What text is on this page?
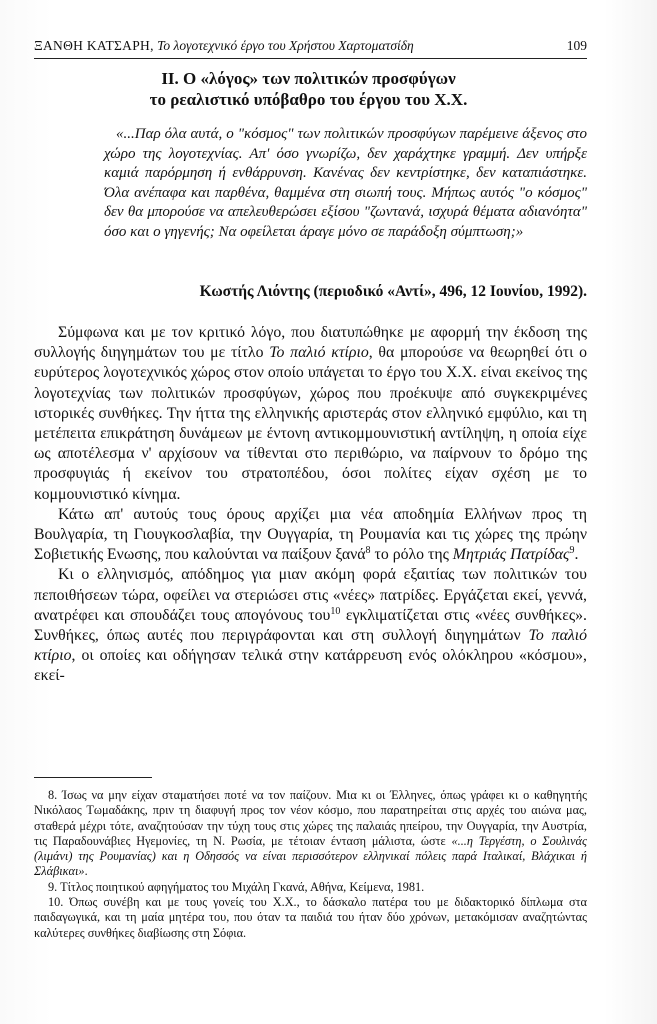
ΞΑΝΘΗ ΚΑΤΣΑΡΗ, Το λογοτεχνικό έργο του Χρήστου Χαρτοματσίδη	109
II. Ο «λόγος» των πολιτικών προσφύγων
το ρεαλιστικό υπόβαθρο του έργου του Χ.Χ.
«...Παρ όλα αυτά, ο "κόσμος" των πολιτικών προσφύγων παρέμεινε άξενος στο χώρο της λογοτεχνίας. Απ' όσο γνωρίζω, δεν χαράχτηκε γραμμή. Δεν υπήρξε καμιά παρόρμηση ή ενθάρρυνση. Κανένας δεν κεντρίστηκε, δεν καταπιάστηκε. Όλα ανέπαφα και παρθένα, θαμμένα στη σιωπή τους. Μήπως αυτός "ο κόσμος" δεν θα μπορούσε να απελευθερώσει εξίσου "ζωντανά, ισχυρά θέματα αδιανόητα" όσο και ο γηγενής; Να οφείλεται άραγε μόνο σε παράδοξη σύμπτωση;»
Κωστής Λιόντης (περιοδικό «Αντί», 496, 12 Ιουνίου, 1992).

Σύμφωνα και με τον κριτικό λόγο, που διατυπώθηκε με αφορμή την έκδοση της συλλογής διηγημάτων του με τίτλο Το παλιό κτίριο, θα μπορούσε να θεωρηθεί ότι ο ευρύτερος λογοτεχνικός χώρος στον οποίο υπάγεται το έργο του Χ.Χ. είναι εκείνος της λογοτεχνίας των πολιτικών προσφύγων, χώρος που προέκυψε από συγκεκριμένες ιστορικές συνθήκες. Την ήττα της ελληνικής αριστεράς στον ελληνικό εμφύλιο, και τη μετέπειτα επικράτηση δυνάμεων με έντονη αντικομμουνιστική αντίληψη, η οποία είχε ως αποτέλεσμα ν' αρχίσουν να τίθενται στο περιθώριο, να παίρνουν το δρόμο της προσφυγιάς ή εκείνον του στρατοπέδου, όσοι πολίτες είχαν σχέση με το κομμουνιστικό κίνημα.

Κάτω απ' αυτούς τους όρους αρχίζει μια νέα αποδημία Ελλήνων προς τη Βουλγαρία, τη Γιουγκοσλαβία, την Ουγγαρία, τη Ρουμανία και τις χώρες της πρώην Σοβιετικής Ενωσης, που καλούνται να παίξουν ξανά$^8$ το ρόλο της Μητριάς Πατρίδας$^9$.

Κι ο ελληνισμός, απόδημος για μιαν ακόμη φορά εξαιτίας των πολιτικών του πεποιθήσεων τώρα, οφείλει να στεριώσει στις «νέες» πατρίδες. Εργάζεται εκεί, γεννά, ανατρέφει και σπουδάζει τους απογόνους του$^{10}$ εγκλιματίζεται στις «νέες συνθήκες». Συνθήκες, όπως αυτές που περιγράφονται και στη συλλογή διηγημάτων Το παλιό κτίριο, οι οποίες και οδήγησαν τελικά στην κατάρρευση ενός ολόκληρου «κόσμου», εκεί-

8. Ίσως να μην είχαν σταματήσει ποτέ να τον παίζουν. Μια κι οι Έλληνες, όπως γράφει κι ο καθηγητής Νικόλαος Τωμαδάκης, πριν τη διαφυγή προς τον νέον κόσμο, που παρατηρείται στις αρχές του αιώνα μας, σταθερά μέχρι τότε, αναζητούσαν την τύχη τους στις χώρες της παλαιάς ηπείρου, την Ουγγαρία, την Αυστρία, τις Παραδουνάβιες Ηγεμονίες, τη Ν. Ρωσία, με τέτοιαν ένταση μάλιστα, ώστε «...η Τεργέστη, ο Σουλινάς (λιμάνι) της Ρουμανίας) και η Οδησσός να είναι περισσότερον ελληνικαί πόλεις παρά Ιταλικαί, Βλάχικαι ή Σλάβικαι».

9. Τίτλος ποιητικού αφηγήματος του Μιχάλη Γκανά, Αθήνα, Κείμενα, 1981.

10. Όπως συνέβη και με τους γονείς του Χ.Χ., το δάσκαλο πατέρα του με διδακτορικό δίπλωμα στα παιδαγωγικά, και τη μαία μητέρα του, που όταν τα παιδιά του ήταν δύο χρόνων, μετακόμισαν αναζητώντας καλύτερες συνθήκες διαβίωσης στη Σόφια.
